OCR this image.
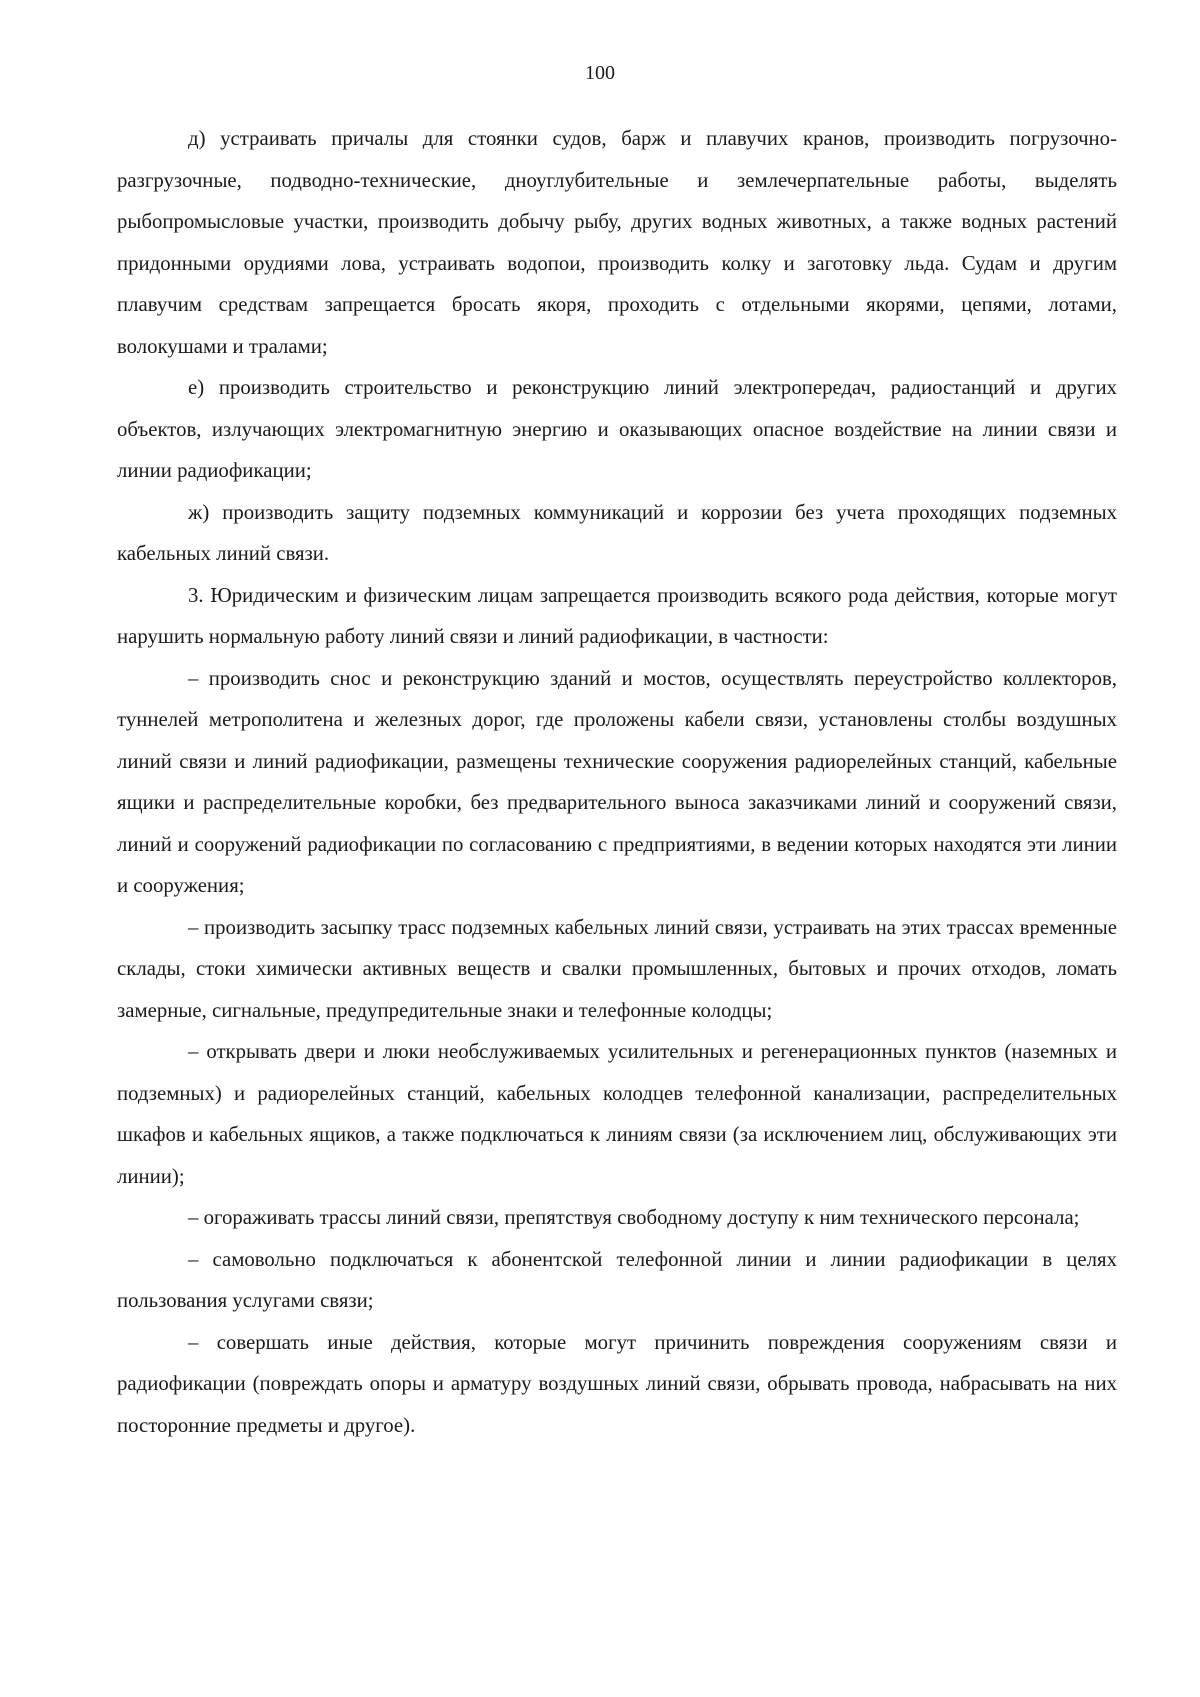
100

д) устраивать причалы для стоянки судов, барж и плавучих кранов, производить погрузочно-разгрузочные, подводно-технические, дноуглубительные и землечерпательные работы, выделять рыбопромысловые участки, производить добычу рыбу, других водных животных, а также водных растений придонными орудиями лова, устраивать водопои, производить колку и заготовку льда. Судам и другим плавучим средствам запрещается бросать якоря, проходить с отдельными якорями, цепями, лотами, волокушами и тралами;

е) производить строительство и реконструкцию линий электропередач, радиостанций и других объектов, излучающих электромагнитную энергию и оказывающих опасное воздействие на линии связи и линии радиофикации;

ж) производить защиту подземных коммуникаций и коррозии без учета проходящих подземных кабельных линий связи.

3. Юридическим и физическим лицам запрещается производить всякого рода действия, которые могут нарушить нормальную работу линий связи и линий радиофикации, в частности:

– производить снос и реконструкцию зданий и мостов, осуществлять переустройство коллекторов, туннелей метрополитена и железных дорог, где проложены кабели связи, установлены столбы воздушных линий связи и линий радиофикации, размещены технические сооружения радиорелейных станций, кабельные ящики и распределительные коробки, без предварительного выноса заказчиками линий и сооружений связи, линий и сооружений радиофикации по согласованию с предприятиями, в ведении которых находятся эти линии и сооружения;

– производить засыпку трасс подземных кабельных линий связи, устраивать на этих трассах временные склады, стоки химически активных веществ и свалки промышленных, бытовых и прочих отходов, ломать замерные, сигнальные, предупредительные знаки и телефонные колодцы;

– открывать двери и люки необслуживаемых усилительных и регенерационных пунктов (наземных и подземных) и радиорелейных станций, кабельных колодцев телефонной канализации, распределительных шкафов и кабельных ящиков, а также подключаться к линиям связи (за исключением лиц, обслуживающих эти линии);

– огораживать трассы линий связи, препятствуя свободному доступу к ним технического персонала;

– самовольно подключаться к абонентской телефонной линии и линии радиофикации в целях пользования услугами связи;

– совершать иные действия, которые могут причинить повреждения сооружениям связи и радиофикации (повреждать опоры и арматуру воздушных линий связи, обрывать провода, набрасывать на них посторонние предметы и другое).
